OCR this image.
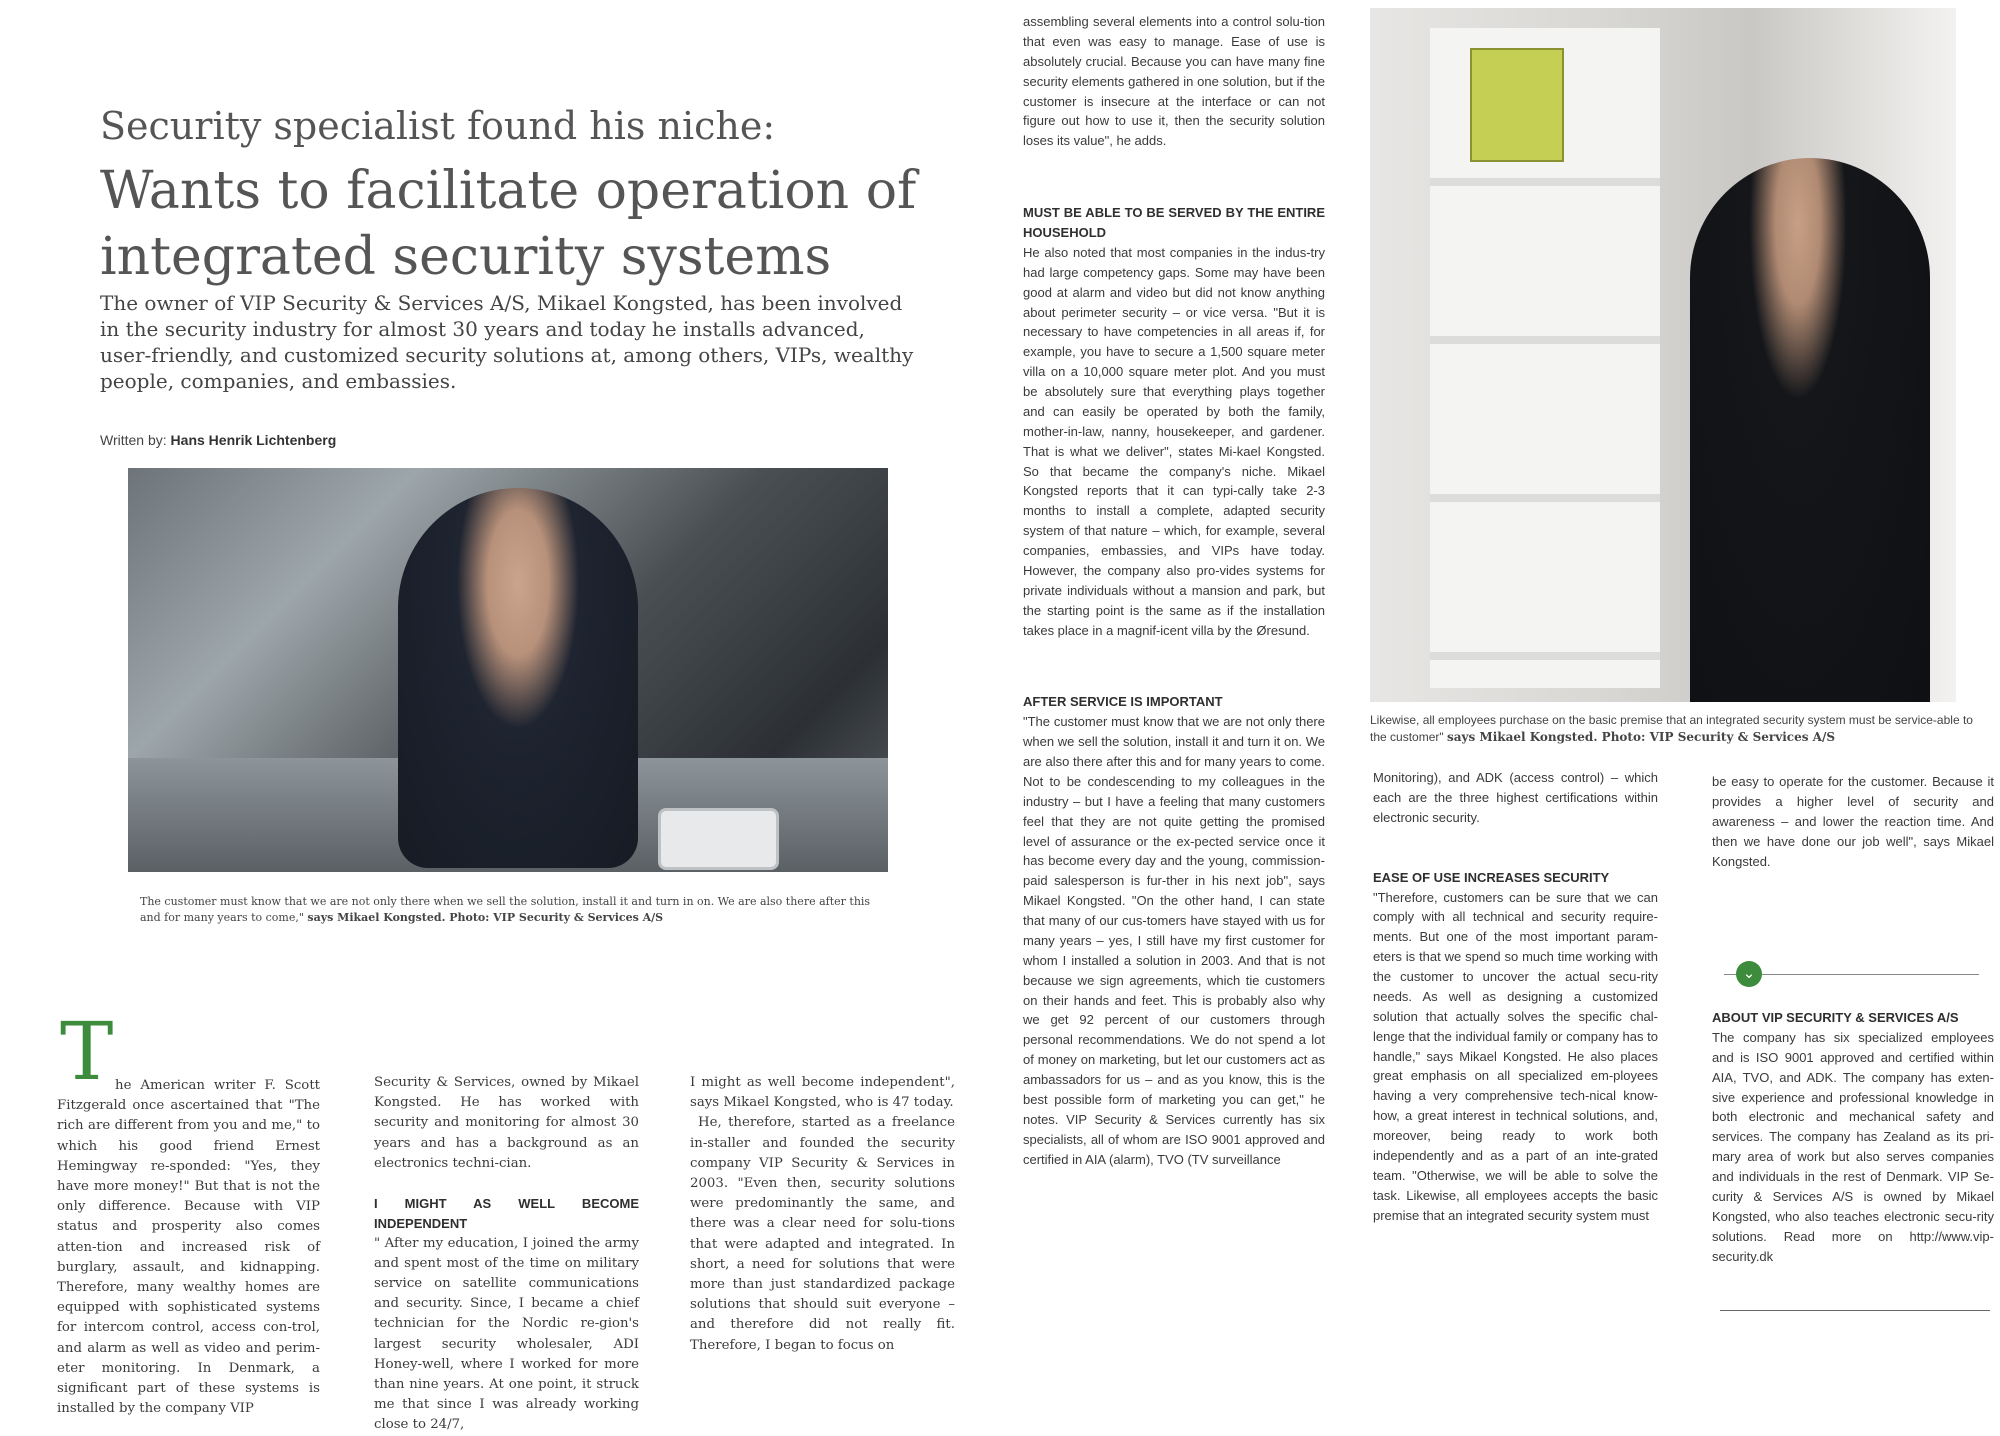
Security specialist found his niche:
Wants to facilitate operation of integrated security systems
The owner of VIP Security & Services A/S, Mikael Kongsted, has been involved in the security industry for almost 30 years and today he installs advanced, user-friendly, and customized security solutions at, among others, VIPs, wealthy people, companies, and embassies.
Written by: Hans Henrik Lichtenberg
The customer must know that we are not only there when we sell the solution, install it and turn in on. We are also there after this and for many years to come," says Mikael Kongsted. Photo: VIP Security & Services A/S
Likewise, all employees purchase on the basic premise that an integrated security system must be service-able to the customer" says Mikael Kongsted. Photo: VIP Security & Services A/S
T he American writer F. Scott Fitzgerald once ascertained that "The rich are different from you and me," to which his good friend Ernest Hemingway re-sponded: "Yes, they have more money!" But that is not the only difference. Because with VIP status and prosperity also comes atten-tion and increased risk of burglary, assault, and kidnapping. Therefore, many wealthy homes are equipped with sophisticated systems for intercom control, access con-trol, and alarm as well as video and perim-eter monitoring. In Denmark, a significant part of these systems is installed by the company VIP

Security & Services, owned by Mikael Kongsted. He has worked with security and monitoring for almost 30 years and has a background as an electronics techni-cian.

I MIGHT AS WELL BECOME INDEPENDENT

" After my education, I joined the army and spent most of the time on military service on satellite communications and security. Since, I became a chief technician for the Nordic re-gion's largest security wholesaler, ADI Honey-well, where I worked for more than nine years. At one point, it struck me that since I was already working close to 24/7,

I might as well become independent", says Mikael Kongsted, who is 47 today.

He, therefore, started as a freelance in-staller and founded the security company VIP Security & Services in 2003. "Even then, security solutions were predominantly the same, and there was a clear need for solu-tions that were adapted and integrated. In short, a need for solutions that were more than just standardized package solutions that should suit everyone – and therefore did not really fit. Therefore, I began to focus on

assembling several elements into a control solu-tion that even was easy to manage. Ease of use is absolutely crucial. Because you can have many fine security elements gathered in one solution, but if the customer is insecure at the interface or can not figure out how to use it, then the security solution loses its value", he adds.

MUST BE ABLE TO BE SERVED BY THE ENTIRE HOUSEHOLD

He also noted that most companies in the indus-try had large competency gaps. Some may have been good at alarm and video but did not know anything about perimeter security – or vice versa. "But it is necessary to have competencies in all areas if, for example, you have to secure a 1,500 square meter villa on a 10,000 square meter plot. And you must be absolutely sure that everything plays together and can easily be operated by both the family, mother-in-law, nanny, housekeeper, and gardener. That is what we deliver", states Mi-kael Kongsted. So that became the company's niche. Mikael Kongsted reports that it can typi-cally take 2-3 months to install a complete, adapted security system of that nature – which, for example, several companies, embassies, and VIPs have today. However, the company also pro-vides systems for private individuals without a mansion and park, but the starting point is the same as if the installation takes place in a magnif-icent villa by the Øresund.

AFTER SERVICE IS IMPORTANT

"The customer must know that we are not only there when we sell the solution, install it and turn it on. We are also there after this and for many years to come. Not to be condescending to my colleagues in the industry – but I have a feeling that many customers feel that they are not quite getting the promised level of assurance or the ex-pected service once it has become every day and the young, commission-paid salesperson is fur-ther in his next job", says Mikael Kongsted. "On the other hand, I can state that many of our cus-tomers have stayed with us for many years – yes, I still have my first customer for whom I installed a solution in 2003. And that is not because we sign agreements, which tie customers on their hands and feet. This is probably also why we get 92 percent of our customers through personal recommendations. We do not spend a lot of money on marketing, but let our customers act as ambassadors for us – and as you know, this is the best possible form of marketing you can get," he notes. VIP Security & Services currently has six specialists, all of whom are ISO 9001 approved and certified in AIA (alarm), TVO (TV surveillance

Monitoring), and ADK (access control) – which each are the three highest certifications within electronic security.

EASE OF USE INCREASES SECURITY

"Therefore, customers can be sure that we can comply with all technical and security require-ments. But one of the most important param-eters is that we spend so much time working with the customer to uncover the actual secu-rity needs. As well as designing a customized solution that actually solves the specific chal-lenge that the individual family or company has to handle," says Mikael Kongsted. He also places great emphasis on all specialized em-ployees having a very comprehensive tech-nical know-how, a great interest in technical solutions, and, moreover, being ready to work both independently and as a part of an inte-grated team. "Otherwise, we will be able to solve the task. Likewise, all employees accepts the basic premise that an integrated security system must

be easy to operate for the customer. Because it provides a higher level of security and awareness – and lower the reaction time. And then we have done our job well", says Mikael Kongsted.

⌄

ABOUT VIP SECURITY & SERVICES A/S

The company has six specialized employees and is ISO 9001 approved and certified within AIA, TVO, and ADK. The company has exten-sive experience and professional knowledge in both electronic and mechanical safety and services. The company has Zealand as its pri-mary area of work but also serves companies and individuals in the rest of Denmark. VIP Se-curity & Services A/S is owned by Mikael Kongsted, who also teaches electronic secu-rity solutions. Read more on http://www.vip-security.dk
